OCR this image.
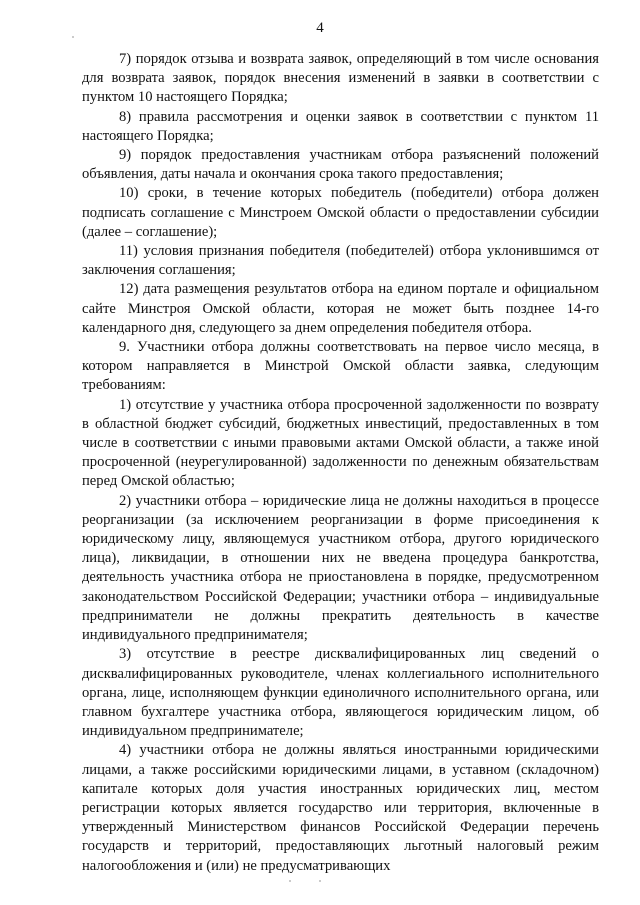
4

7) порядок отзыва и возврата заявок, определяющий в том числе основания для возврата заявок, порядок внесения изменений в заявки в соответствии с пунктом 10 настоящего Порядка;

8) правила рассмотрения и оценки заявок в соответствии с пунктом 11 настоящего Порядка;

9) порядок предоставления участникам отбора разъяснений положений объявления, даты начала и окончания срока такого предоставления;

10) сроки, в течение которых победитель (победители) отбора должен подписать соглашение с Минстроем Омской области о предоставлении субсидии (далее – соглашение);

11) условия признания победителя (победителей) отбора уклонившимся от заключения соглашения;

12) дата размещения результатов отбора на едином портале и официальном сайте Минстроя Омской области, которая не может быть позднее 14-го календарного дня, следующего за днем определения победителя отбора.

9. Участники отбора должны соответствовать на первое число месяца, в котором направляется в Минстрой Омской области заявка, следующим требованиям:

1) отсутствие у участника отбора просроченной задолженности по возврату в областной бюджет субсидий, бюджетных инвестиций, предоставленных в том числе в соответствии с иными правовыми актами Омской области, а также иной просроченной (неурегулированной) задолженности по денежным обязательствам перед Омской областью;

2) участники отбора – юридические лица не должны находиться в процессе реорганизации (за исключением реорганизации в форме присоединения к юридическому лицу, являющемуся участником отбора, другого юридического лица), ликвидации, в отношении них не введена процедура банкротства, деятельность участника отбора не приостановлена в порядке, предусмотренном законодательством Российской Федерации; участники отбора – индивидуальные предприниматели не должны прекратить деятельность в качестве индивидуального предпринимателя;

3) отсутствие в реестре дисквалифицированных лиц сведений о дисквалифицированных руководителе, членах коллегиального исполнительного органа, лице, исполняющем функции единоличного исполнительного органа, или главном бухгалтере участника отбора, являющегося юридическим лицом, об индивидуальном предпринимателе;

4) участники отбора не должны являться иностранными юридическими лицами, а также российскими юридическими лицами, в уставном (складочном) капитале которых доля участия иностранных юридических лиц, местом регистрации которых является государство или территория, включенные в утвержденный Министерством финансов Российской Федерации перечень государств и территорий, предоставляющих льготный налоговый режим налогообложения и (или) не предусматривающих
